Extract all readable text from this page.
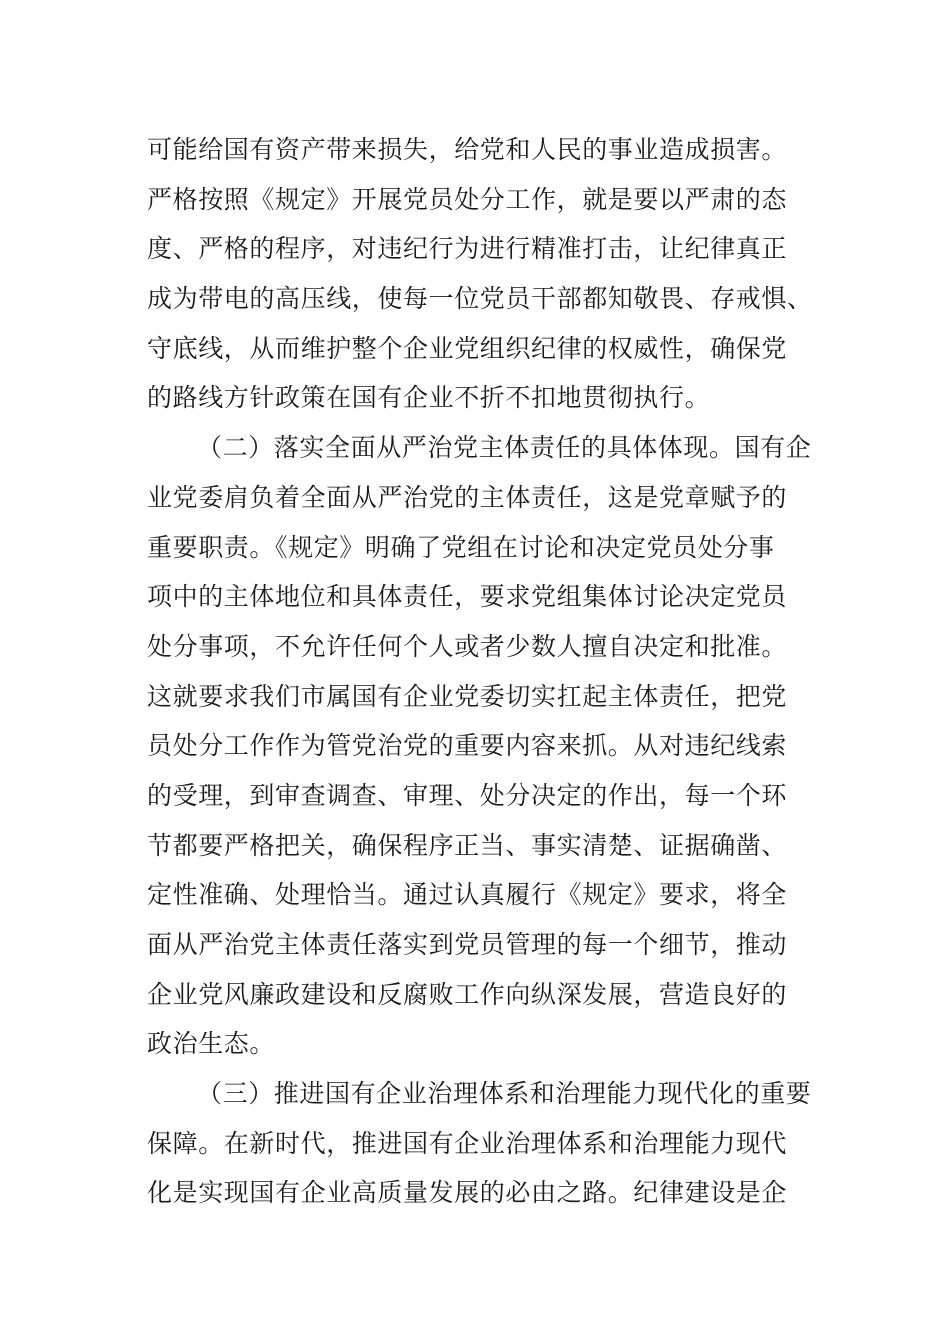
可能给国有资产带来损失，给党和人民的事业造成损害。
严格按照《规定》开展党员处分工作，就是要以严肃的态
度、严格的程序，对违纪行为进行精准打击，让纪律真正
成为带电的高压线，使每一位党员干部都知敬畏、存戒惧、
守底线，从而维护整个企业党组织纪律的权威性，确保党
的路线方针政策在国有企业不折不扣地贯彻执行。
（二）落实全面从严治党主体责任的具体体现。国有企
业党委肩负着全面从严治党的主体责任，这是党章赋予的
重要职责。《规定》明确了党组在讨论和决定党员处分事
项中的主体地位和具体责任，要求党组集体讨论决定党员
处分事项，不允许任何个人或者少数人擅自决定和批准。
这就要求我们市属国有企业党委切实扛起主体责任，把党
员处分工作作为管党治党的重要内容来抓。从对违纪线索
的受理，到审查调查、审理、处分决定的作出，每一个环
节都要严格把关，确保程序正当、事实清楚、证据确凿、
定性准确、处理恰当。通过认真履行《规定》要求，将全
面从严治党主体责任落实到党员管理的每一个细节，推动
企业党风廉政建设和反腐败工作向纵深发展，营造良好的
政治生态。
（三）推进国有企业治理体系和治理能力现代化的重要
保障。在新时代，推进国有企业治理体系和治理能力现代
化是实现国有企业高质量发展的必由之路。纪律建设是企
